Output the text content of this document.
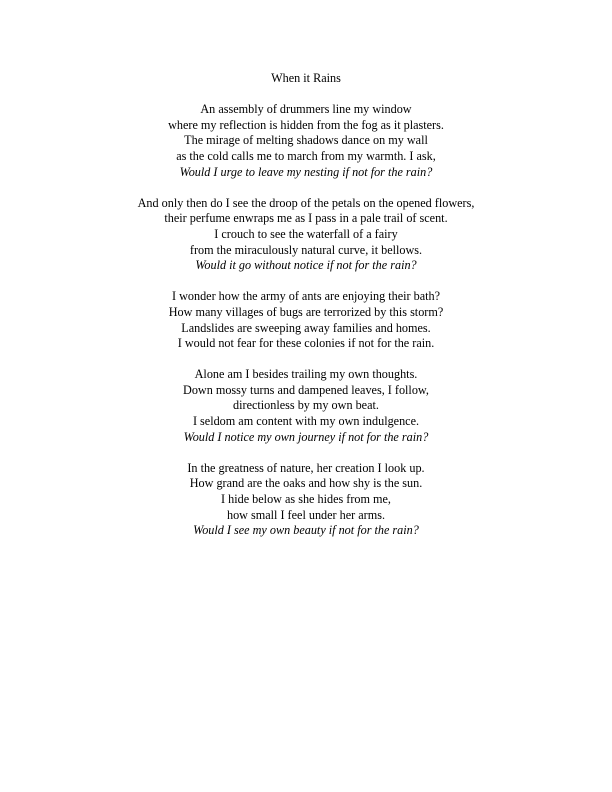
When it Rains
An assembly of drummers line my window
where my reflection is hidden from the fog as it plasters.
The mirage of melting shadows dance on my wall
as the cold calls me to march from my warmth. I ask,
Would I urge to leave my nesting if not for the rain?
And only then do I see the droop of the petals on the opened flowers,
their perfume enwraps me as I pass in a pale trail of scent.
I crouch to see the waterfall of a fairy
from the miraculously natural curve, it bellows.
Would it go without notice if not for the rain?
I wonder how the army of ants are enjoying their bath?
How many villages of bugs are terrorized by this storm?
Landslides are sweeping away families and homes.
I would not fear for these colonies if not for the rain.
Alone am I besides trailing my own thoughts.
Down mossy turns and dampened leaves, I follow,
directionless by my own beat.
I seldom am content with my own indulgence.
Would I notice my own journey if not for the rain?
In the greatness of nature, her creation I look up.
How grand are the oaks and how shy is the sun.
I hide below as she hides from me,
how small I feel under her arms.
Would I see my own beauty if not for the rain?
